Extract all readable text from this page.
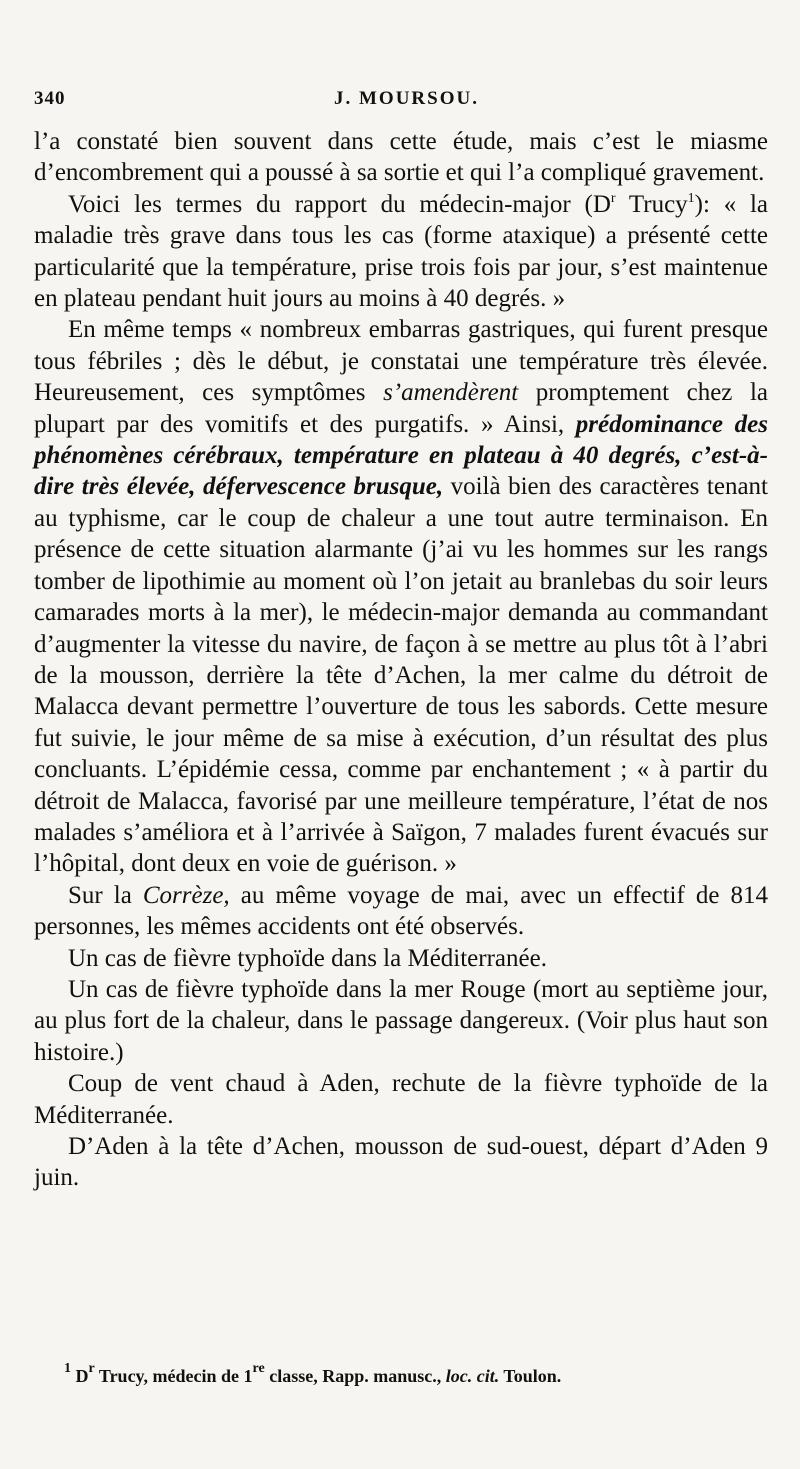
340	J. MOURSOU.

l’a constaté bien souvent dans cette étude, mais c’est le miasme d’encombrement qui a poussé à sa sortie et qui l’a compliqué gravement.

Voici les termes du rapport du médecin-major ($D^r$ Trucy$^1$): « la maladie très grave dans tous les cas (forme ataxique) a présenté cette particularité que la température, prise trois fois par jour, s’est maintenue en plateau pendant huit jours au moins à 40 degrés. »

En même temps « nombreux embarras gastriques, qui furent presque tous fébriles ; dès le début, je constatai une température très élevée. Heureusement, ces symptômes s’amendèrent promptement chez la plupart par des vomitifs et des purgatifs. » Ainsi, prédominance des phénomènes cérébraux, température en plateau à 40 degrés, c’est-à-dire très élevée, défervescence brusque, voilà bien des caractères tenant au typhisme, car le coup de chaleur a une tout autre terminaison. En présence de cette situation alarmante (j’ai vu les hommes sur les rangs tomber de lipothimie au moment où l’on jetait au branlebas du soir leurs camarades morts à la mer), le médecin-major demanda au commandant d’augmenter la vitesse du navire, de façon à se mettre au plus tôt à l’abri de la mousson, derrière la tête d’Achen, la mer calme du détroit de Malacca devant permettre l’ouverture de tous les sabords. Cette mesure fut suivie, le jour même de sa mise à exécution, d’un résultat des plus concluants. L’épidémie cessa, comme par enchantement ; « à partir du détroit de Malacca, favorisé par une meilleure température, l’état de nos malades s’améliora et à l’arrivée à Saïgon, 7 malades furent évacués sur l’hôpital, dont deux en voie de guérison. »

Sur la Corrèze, au même voyage de mai, avec un effectif de 814 personnes, les mêmes accidents ont été observés.

Un cas de fièvre typhoïde dans la Méditerranée.

Un cas de fièvre typhoïde dans la mer Rouge (mort au septième jour, au plus fort de la chaleur, dans le passage dangereux. (Voir plus haut son histoire.)

Coup de vent chaud à Aden, rechute de la fièvre typhoïde de la Méditerranée.

D’Aden à la tête d’Achen, mousson de sud-ouest, départ d’Aden 9 juin.

$^1$ $D^r$ Trucy, médecin de 1re classe, Rapp. manusc., loc. cit. Toulon.
